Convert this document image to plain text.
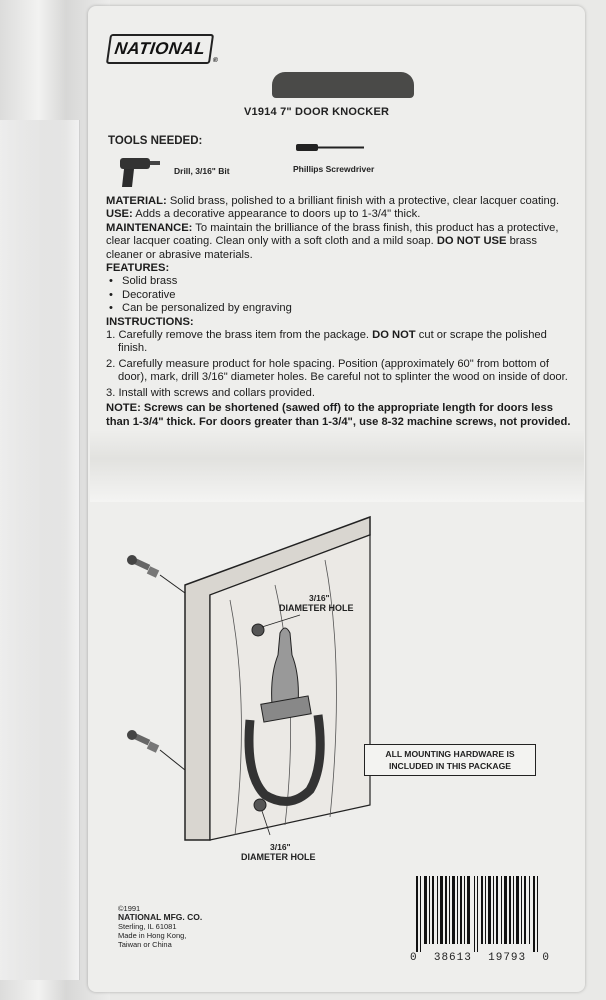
NATIONAL
®
V1914 7" DOOR KNOCKER
TOOLS NEEDED:
Drill, 3/16" Bit	Phillips Screwdriver

MATERIAL: Solid brass, polished to a brilliant finish with a protective, clear lacquer coating.

USE: Adds a decorative appearance to doors up to 1-3/4" thick.

MAINTENANCE: To maintain the brilliance of the brass finish, this product has a protective, clear lacquer coating. Clean only with a soft cloth and a mild soap. DO NOT USE brass cleaner or abrasive materials.

FEATURES:

• Solid brass
• Decorative
• Can be personalized by engraving

INSTRUCTIONS:

1. Carefully remove the brass item from the package. DO NOT cut or scrape the polished finish.
2. Carefully measure product for hole spacing. Position (approximately 60" from bottom of door), mark, drill 3/16" diameter holes. Be careful not to splinter the wood on inside of door.
3. Install with screws and collars provided.

NOTE: Screws can be shortened (sawed off) to the appropriate length for doors less than 1-3/4" thick. For doors greater than 1-3/4", use 8-32 machine screws, not provided.

3/16"
DIAMETER HOLE
3/16"
DIAMETER HOLE
ALL MOUNTING HARDWARE IS
INCLUDED IN THIS PACKAGE
©1991
NATIONAL MFG. CO.
Sterling, IL 61081
Made in Hong Kong,
Taiwan or China
0 38613 19793 0
